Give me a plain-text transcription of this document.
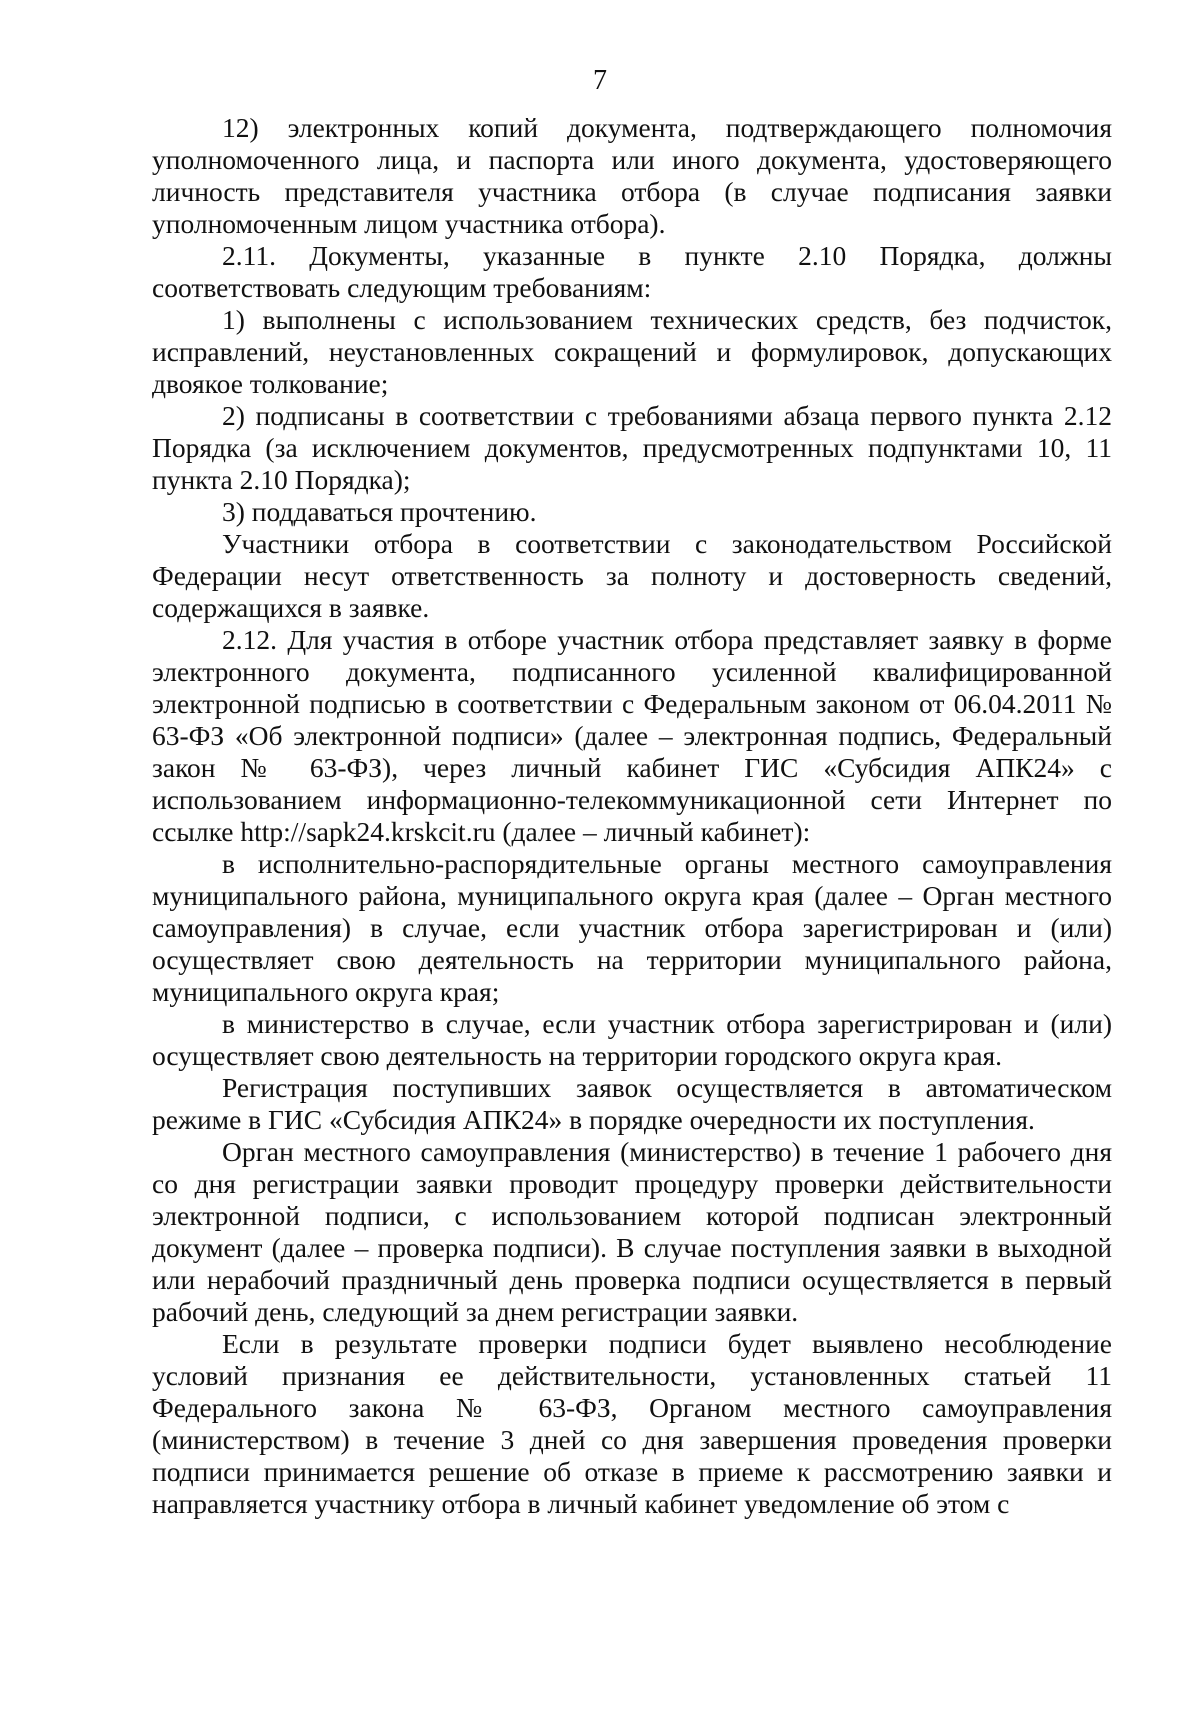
7

12) электронных копий документа, подтверждающего полномочия уполномоченного лица, и паспорта или иного документа, удостоверяющего личность представителя участника отбора (в случае подписания заявки уполномоченным лицом участника отбора).

2.11. Документы, указанные в пункте 2.10 Порядка, должны соответствовать следующим требованиям:

1) выполнены с использованием технических средств, без подчисток, исправлений, неустановленных сокращений и формулировок, допускающих двоякое толкование;

2) подписаны в соответствии с требованиями абзаца первого пункта 2.12 Порядка (за исключением документов, предусмотренных подпунктами 10, 11 пункта 2.10 Порядка);

3) поддаваться прочтению.

Участники отбора в соответствии с законодательством Российской Федерации несут ответственность за полноту и достоверность сведений, содержащихся в заявке.

2.12. Для участия в отборе участник отбора представляет заявку в форме электронного документа, подписанного усиленной квалифицированной электронной подписью в соответствии с Федеральным законом от 06.04.2011 № 63-ФЗ «Об электронной подписи» (далее – электронная подпись, Федеральный закон № 63-ФЗ), через личный кабинет ГИС «Субсидия АПК24» с использованием информационно-телекоммуникационной сети Интернет по ссылке http://sapk24.krskcit.ru (далее – личный кабинет):

в исполнительно-распорядительные органы местного самоуправления муниципального района, муниципального округа края (далее – Орган местного самоуправления) в случае, если участник отбора зарегистрирован и (или) осуществляет свою деятельность на территории муниципального района, муниципального округа края;

в министерство в случае, если участник отбора зарегистрирован и (или) осуществляет свою деятельность на территории городского округа края.

Регистрация поступивших заявок осуществляется в автоматическом режиме в ГИС «Субсидия АПК24» в порядке очередности их поступления.

Орган местного самоуправления (министерство) в течение 1 рабочего дня со дня регистрации заявки проводит процедуру проверки действительности электронной подписи, с использованием которой подписан электронный документ (далее – проверка подписи). В случае поступления заявки в выходной или нерабочий праздничный день проверка подписи осуществляется в первый рабочий день, следующий за днем регистрации заявки.

Если в результате проверки подписи будет выявлено несоблюдение условий признания ее действительности, установленных статьей 11 Федерального закона № 63-ФЗ, Органом местного самоуправления (министерством) в течение 3 дней со дня завершения проведения проверки подписи принимается решение об отказе в приеме к рассмотрению заявки и направляется участнику отбора в личный кабинет уведомление об этом с
